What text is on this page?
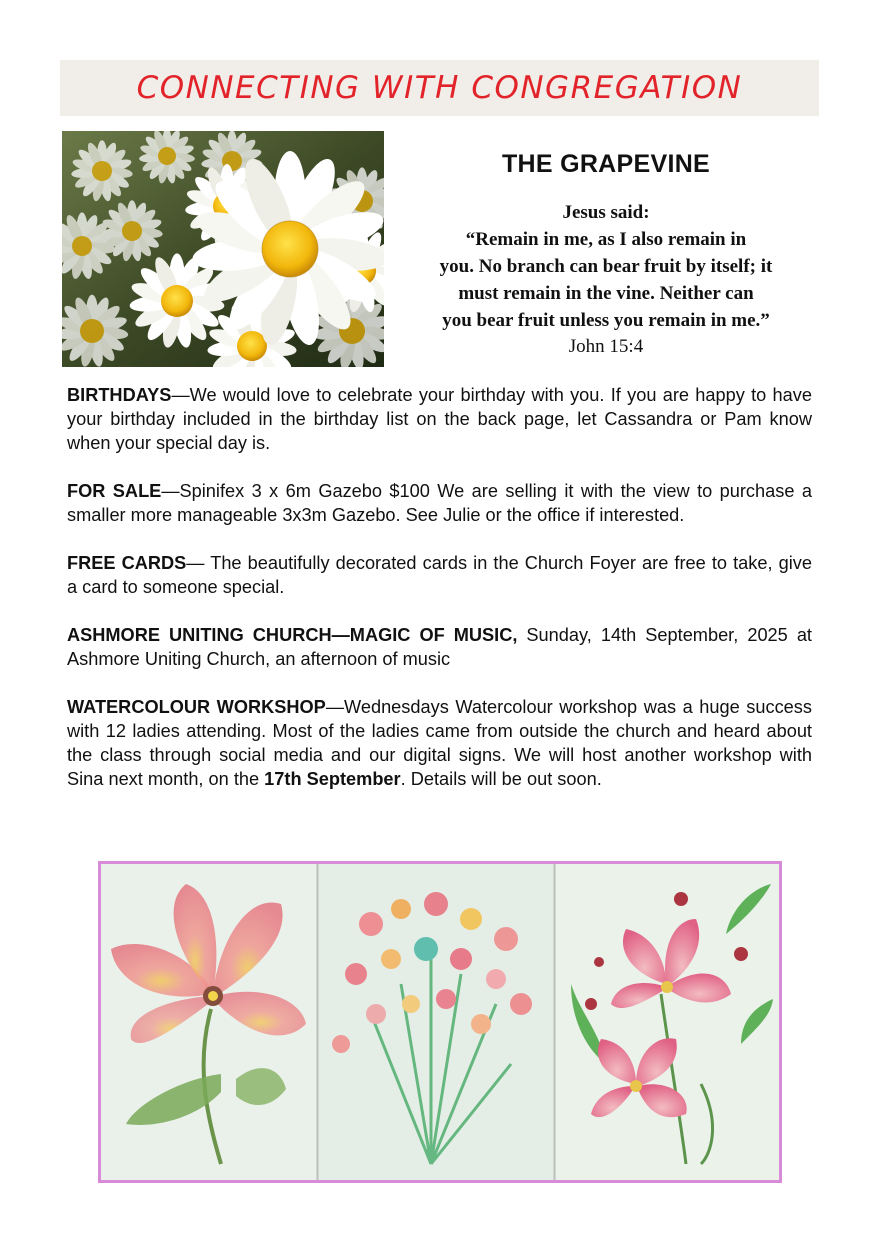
CONNECTING WITH CONGREGATION
THE GRAPEVINE
Jesus said:
“Remain in me, as I also remain in
you. No branch can bear fruit by itself; it
must remain in the vine. Neither can
you bear fruit unless you remain in me.”
John 15:4

BIRTHDAYS—We would love to celebrate your birthday with you. If you are happy to have your birthday included in the birthday list on the back page, let Cassandra or Pam know when your special day is.

FOR SALE—Spinifex 3 x 6m Gazebo $100 We are selling it with the view to purchase a smaller more manageable 3x3m Gazebo. See Julie or the office if interested.

FREE CARDS— The beautifully decorated cards in the Church Foyer are free to take, give a card to someone special.

ASHMORE UNITING CHURCH—MAGIC OF MUSIC, Sunday, 14th September, 2025 at Ashmore Uniting Church, an afternoon of music

WATERCOLOUR WORKSHOP—Wednesdays Watercolour workshop was a huge success with 12 ladies attending. Most of the ladies came from outside the church and heard about the class through social media and our digital signs. We will host another workshop with Sina next month, on the 17th September. Details will be out soon.
